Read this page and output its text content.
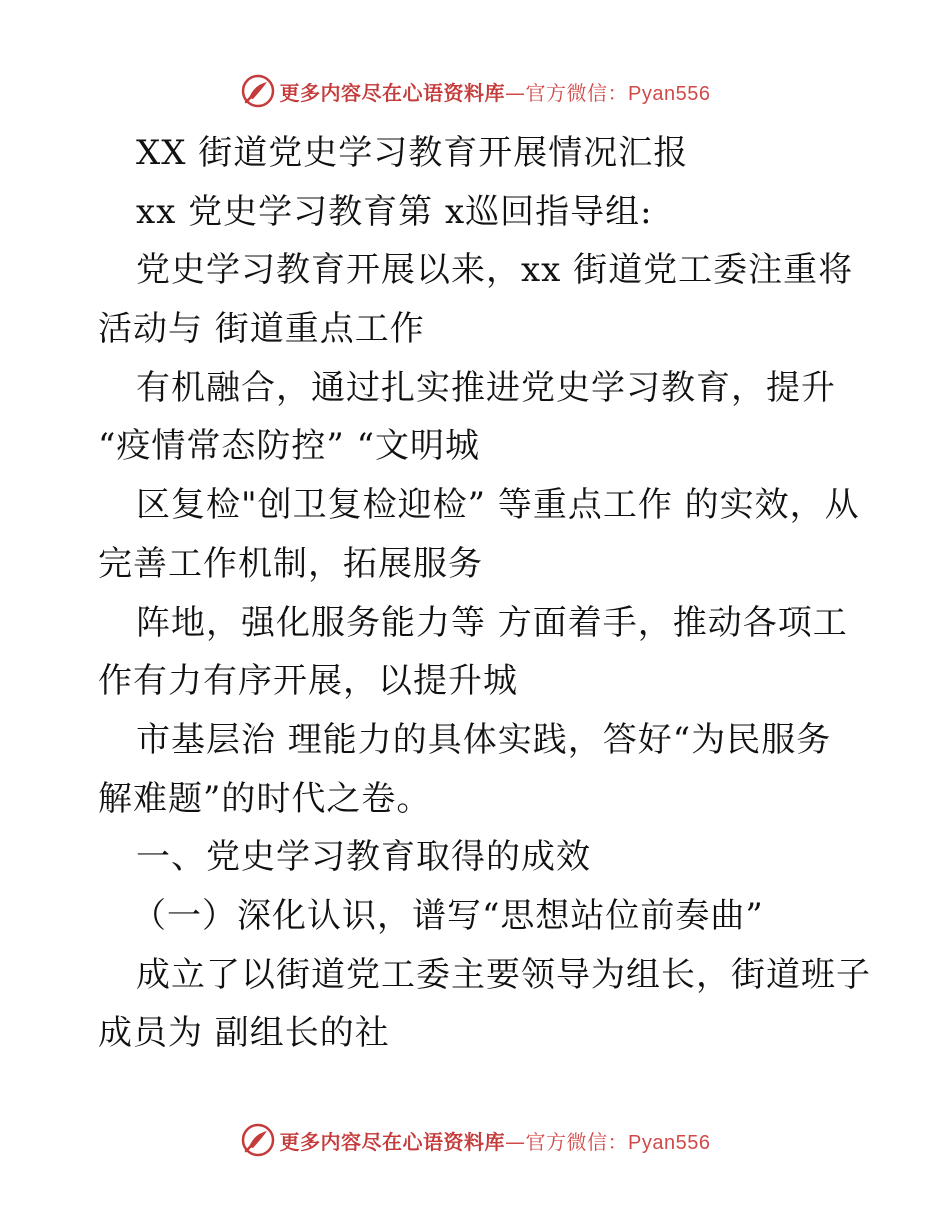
更多内容尽在心语资料库—官方微信：Pyan556
XX 街道党史学习教育开展情况汇报
xx 党史学习教育第 x巡回指导组:
党史学习教育开展以来，xx 街道党工委注重将
活动与 街道重点工作
有机融合，通过扎实推进党史学习教育，提升
“疫情常态防控” “文明城
区复检"创卫复检迎检” 等重点工作 的实效，从
完善工作机制，拓展服务
阵地，强化服务能力等 方面着手，推动各项工
作有力有序开展，以提升城
市基层治 理能力的具体实践，答好“为民服务
解难题”的时代之卷。
一、党史学习教育取得的成效
（一）深化认识，谱写“思想站位前奏曲”
成立了以街道党工委主要领导为组长，街道班子
成员为 副组长的社
更多内容尽在心语资料库—官方微信：Pyan556
